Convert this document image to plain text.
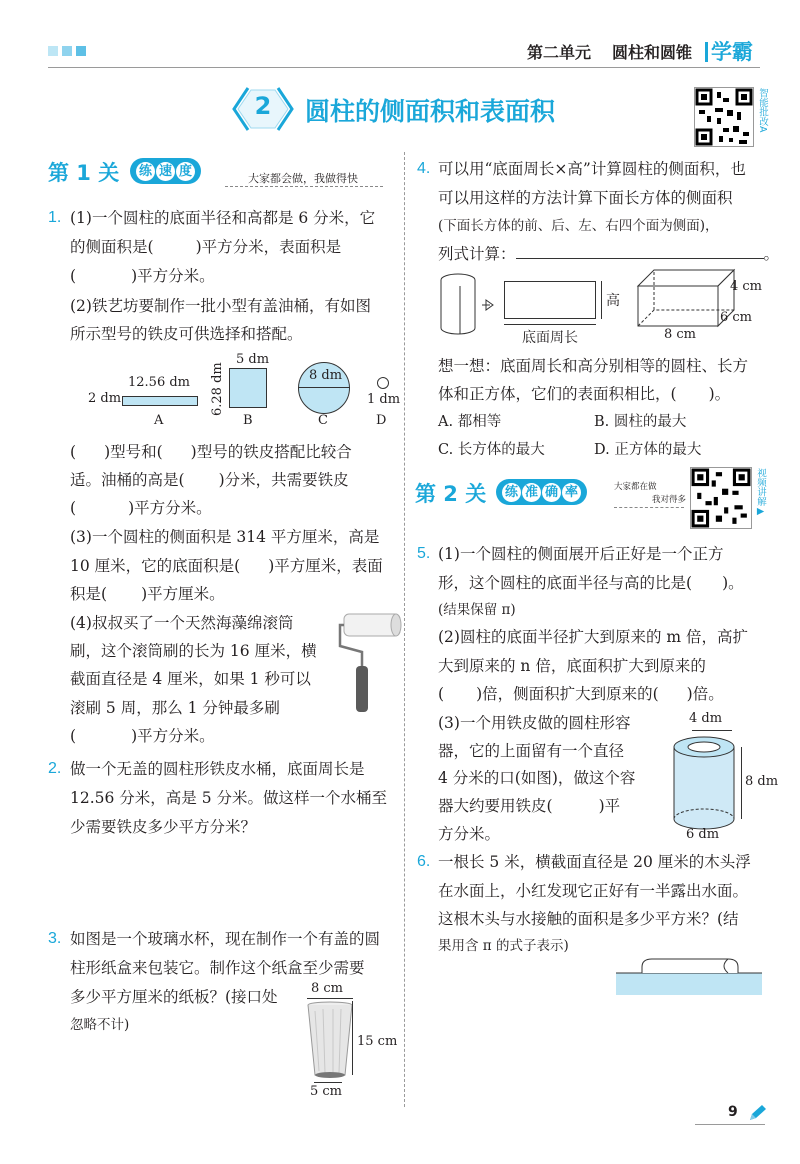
第二单元 圆柱和圆锥 学霸
2	圆柱的侧面积和表面积	智能批改A
第 1 关 练 速 度	大家都会做，我做得快
1. (1)一个圆柱的底面半径和高都是 6 分米，它
的侧面积是(	)平方分米，表面积是
(	)平方分米。
(2)铁艺坊要制作一批小型有盖油桶，有如图
所示型号的铁皮可供选择和搭配。
2 dm
12.56 dm
5 dm
6.28 dm	8 dm
1 dm
A	B	C	D
( )型号和( )型号的铁皮搭配比较合
适。油桶的高是( )分米，共需要铁皮
(	)平方分米。
(3)一个圆柱的侧面积是 314 平方厘米，高是
10 厘米，它的底面积是( )平方厘米，表面
积是( )平方厘米。
(4)叔叔买了一个天然海藻绵滚筒
刷，这个滚筒刷的长为 16 厘米，横
截面直径是 4 厘米，如果 1 秒可以
滚刷 5 周，那么 1 分钟最多刷
(	)平方分米。
2. 做一个无盖的圆柱形铁皮水桶，底面周长是
12.56 分米，高是 5 分米。做这样一个水桶至
少需要铁皮多少平方分米？
3. 如图是一个玻璃水杯，现在制作一个有盖的圆
柱形纸盒来包装它。制作这个纸盒至少需要
多少平方厘米的纸板？(接口处
忽略不计)
8 cm
15 cm
5 cm
4. 可以用“底面周长×高”计算圆柱的侧面积，也
可以用这样的方法计算下面长方体的侧面积
(下面长方体的前、后、左、右四个面为侧面)，
列式计算：	。
高
底面周长
4 cm
6 cm
8 cm
想一想：底面周长和高分别相等的圆柱、长方
体和正方体，它们的表面积相比，( )。
A. 都相等	B. 圆柱的最大
C. 长方体的最大	D. 正方体的最大
第 2 关 练 准 确 率	大家都在做
我对得多	视频讲解▶
5. (1)一个圆柱的侧面展开后正好是一个正方
形，这个圆柱的底面半径与高的比是( )。
(结果保留 π)
(2)圆柱的底面半径扩大到原来的 m 倍，高扩
大到原来的 n 倍，底面积扩大到原来的
( )倍，侧面积扩大到原来的( )倍。
(3)一个用铁皮做的圆柱形容
器，它的上面留有一个直径
4 分米的口(如图)，做这个容
器大约要用铁皮(	)平
方分米。
4 dm
8 dm
6 dm
6. 一根长 5 米，横截面直径是 20 厘米的木头浮
在水面上，小红发现它正好有一半露出水面。
这根木头与水接触的面积是多少平方米？(结
果用含 π 的式子表示)
9
